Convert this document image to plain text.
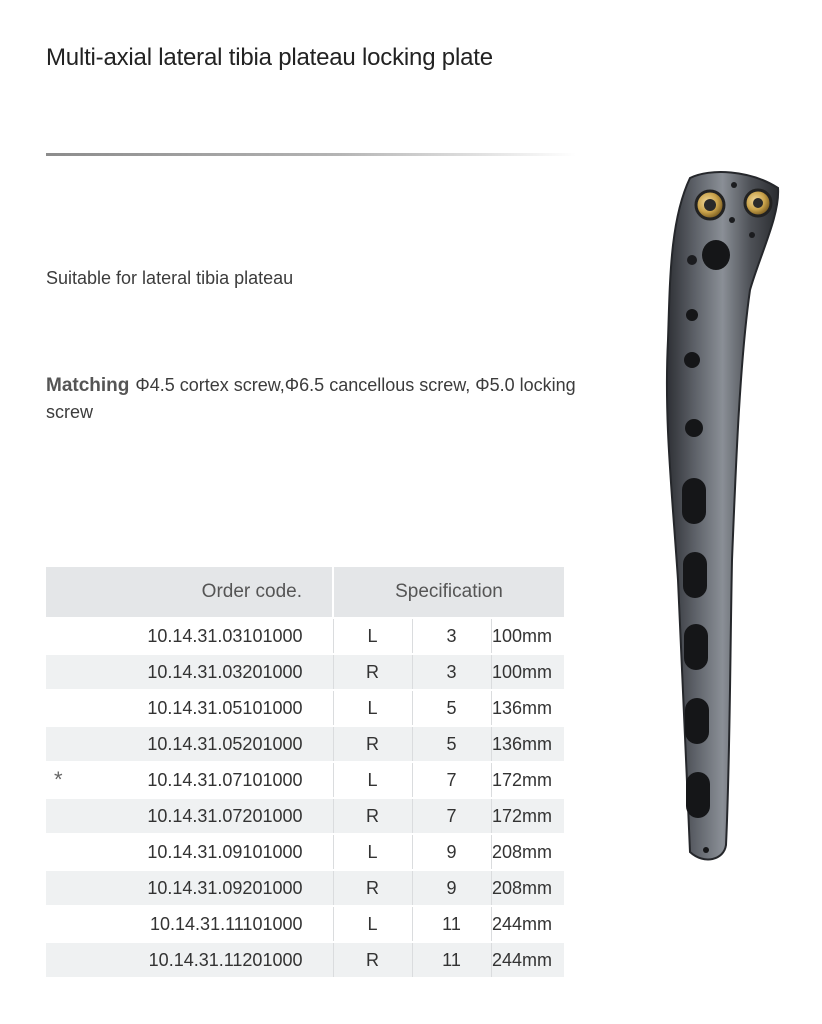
Multi-axial lateral tibia plateau locking plate
Suitable for lateral tibia plateau
Matching Φ4.5 cortex screw,Φ6.5 cancellous screw, Φ5.0 locking screw
Order code.	Specification		
10.14.31.03101000	L	3	100mm
10.14.31.03201000	R	3	100mm
10.14.31.05101000	L	5	136mm
10.14.31.05201000	R	5	136mm

* 10.14.31.07101000	L	7	172mm
10.14.31.07201000	R	7	172mm
10.14.31.09101000	L	9	208mm
10.14.31.09201000	R	9	208mm
10.14.31.11101000	L	11	244mm
10.14.31.11201000	R	11	244mm
